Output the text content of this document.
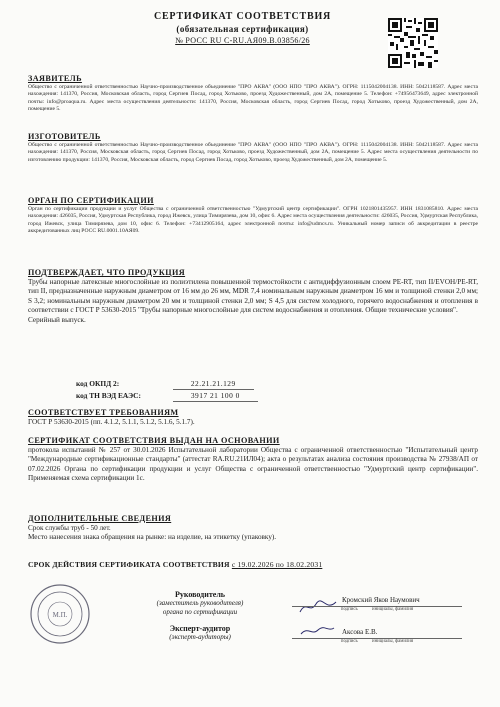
СЕРТИФИКАТ СООТВЕТСТВИЯ
(обязательная сертификация)
№ РОСС RU С-RU.АЯ09.В.03856/26
ЗАЯВИТЕЛЬ
Общество с ограниченной ответственностью Научно-производственное объединение "ПРО АКВА" (ООО НПО "ПРО АКВА"). ОГРН: 1115042004138. ИНН: 5042118587. Адрес места нахождения: 141370, Россия, Московская область, город Сергиев Посад, город Хотьково, проезд Художественный, дом 2А, помещение 5. Телефон: +74956473649, адрес электронной почты: info@proaqua.ru. Адрес места осуществления деятельности: 141370, Россия, Московская область, город Сергиев Посад, город Хотьково, проезд Художественный, дом 2А, помещение 5.
ИЗГОТОВИТЕЛЬ
Общество с ограниченной ответственностью Научно-производственное объединение "ПРО АКВА" (ООО НПО "ПРО АКВА"). ОГРН: 1115042004138. ИНН: 5042118587. Адрес места нахождения: 141370, Россия, Московская область, город Сергиев Посад, город Хотьково, проезд Художественный, дом 2А, помещение 5. Адрес места осуществления деятельности по изготовлению продукции: 141370, Россия, Московская область, город Сергиев Посад, город Хотьково, проезд Художественный, дом 2А, помещение 5.
ОРГАН ПО СЕРТИФИКАЦИИ
Орган по сертификации продукции и услуг Общества с ограниченной ответственностью "Удмуртский центр сертификации". ОГРН 1021801435957. ИНН 1831085810. Адрес места нахождения: 426035, Россия, Удмуртская Республика, город Ижевск, улица Тимирязева, дом 10, офис 6. Адрес места осуществления деятельности: 426035, Россия, Удмуртская Республика, город Ижевск, улица Тимирязева, дом 10, офис 6. Телефон: +73412905164, адрес электронной почты: info@udmcs.ru. Уникальный номер записи об аккредитации в реестре аккредитованных лиц РОСС RU.0001.10АЯ09.
ПОДТВЕРЖДАЕТ, ЧТО ПРОДУКЦИЯ
Трубы напорные латексные многослойные из полиэтилена повышенной термостойкости с антидиффузионным слоем PE-RT, тип II/EVOH/PE-RT, тип II, предназначенные наружным диаметром от 16 мм до 26 мм, MDR 7,4 номинальным наружным диаметром 16 мм и толщиной стенки 2,0 мм; S 3,2; номинальным наружным диаметром 20 мм и толщиной стенки 2,0 мм; S 4,5 для систем холодного, горячего водоснабжения и отопления в соответствии с ГОСТ Р 53630-2015 "Трубы напорные многослойные для систем водоснабжения и отопления. Общие технические условия".
Серийный выпуск.
код ОКПД 2:	22.21.21.129
код ТН ВЭД ЕАЭС:	3917 21 100 0
СООТВЕТСТВУЕТ ТРЕБОВАНИЯМ
ГОСТ Р 53630-2015 (пп. 4.1.2, 5.1.1, 5.1.2, 5.1.6, 5.1.7).
СЕРТИФИКАТ СООТВЕТСТВИЯ ВЫДАН НА ОСНОВАНИИ
протокола испытаний № 257 от 30.01.2026 Испытательной лаборатории Общества с ограниченной ответственностью "Испытательный центр "Международные сертификационные стандарты" (аттестат RA.RU.21ИЛ04); акта о результатах анализа состояния производства № 27938/АП от 07.02.2026 Органа по сертификации продукции и услуг Общества с ограниченной ответственностью "Удмуртский центр сертификации". Применяемая схема сертификации 1с.
ДОПОЛНИТЕЛЬНЫЕ СВЕДЕНИЯ
Срок службы труб - 50 лет.
Место нанесения знака обращения на рынке: на изделие, на этикетку (упаковку).
СРОК ДЕЙСТВИЯ СЕРТИФИКАТА СООТВЕТСТВИЯ с 19.02.2026 по 18.02.2031
М.П.
Руководитель
(заместитель руководителя)
органа по сертификации
Кромский Яков Наумович
подпись	инициалы, фамилия
Эксперт-аудитор
(эксперт-аудиторы)
Аксова Е.В.
подпись	инициалы, фамилия
